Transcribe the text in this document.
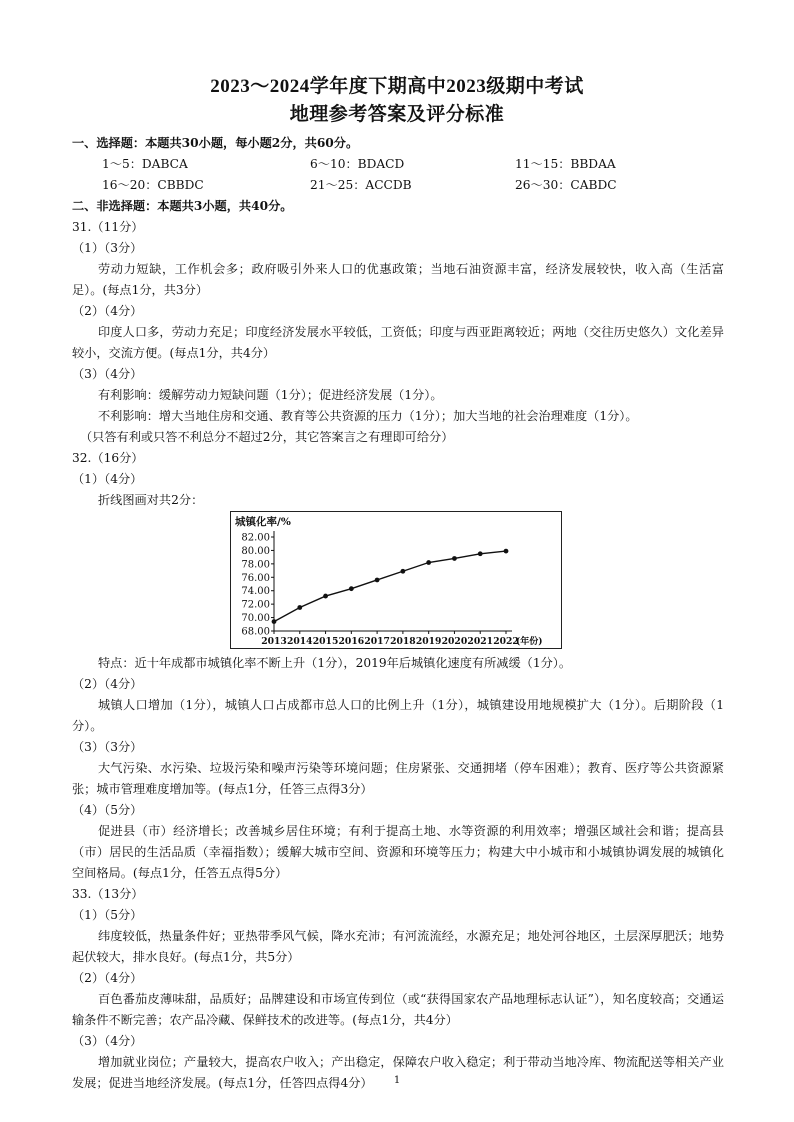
2023～2024学年度下期高中2023级期中考试
地理参考答案及评分标准
一、选择题：本题共30小题，每小题2分，共60分。
1～5：DABCA	6～10：BDACD	11～15：BBDAA
16～20：CBBDC	21～25：ACCDB	26～30：CABDC
二、非选择题：本题共3小题，共40分。
31.（11分）
（1）（3分）
劳动力短缺，工作机会多；政府吸引外来人口的优惠政策；当地石油资源丰富，经济发展较快，收入高（生活富足）。(每点1分，共3分）
（2）（4分）
印度人口多，劳动力充足；印度经济发展水平较低，工资低；印度与西亚距离较近；两地（交往历史悠久）文化差异较小，交流方便。(每点1分，共4分）
（3）（4分）
有利影响：缓解劳动力短缺问题（1分）；促进经济发展（1分）。
不利影响：增大当地住房和交通、教育等公共资源的压力（1分）；加大当地的社会治理难度（1分）。
（只答有利或只答不利总分不超过2分，其它答案言之有理即可给分）
32.（16分）
（1）（4分）
折线图画对共2分：
城镇化率/%
82.00
80.00
78.00
76.00
74.00
72.00
70.00
68.00
2013 2014 2015 2016 2017 2018 2019 2020 2021 2022
(年份)
特点：近十年成都市城镇化率不断上升（1分），2019年后城镇化速度有所减缓（1分）。
（2）（4分）
城镇人口增加（1分），城镇人口占成都市总人口的比例上升（1分），城镇建设用地规模扩大（1分）。后期阶段（1分）。
（3）（3分）
大气污染、水污染、垃圾污染和噪声污染等环境问题；住房紧张、交通拥堵（停车困难）；教育、医疗等公共资源紧张；城市管理难度增加等。(每点1分，任答三点得3分）
（4）（5分）
促进县（市）经济增长；改善城乡居住环境；有利于提高土地、水等资源的利用效率；增强区域社会和谐；提高县（市）居民的生活品质（幸福指数）；缓解大城市空间、资源和环境等压力；构建大中小城市和小城镇协调发展的城镇化空间格局。(每点1分，任答五点得5分）
33.（13分）
（1）（5分）
纬度较低，热量条件好；亚热带季风气候，降水充沛；有河流流经，水源充足；地处河谷地区，土层深厚肥沃；地势起伏较大，排水良好。(每点1分，共5分）
（2）（4分）
百色番茄皮薄味甜，品质好；品牌建设和市场宣传到位（或“获得国家农产品地理标志认证”），知名度较高；交通运输条件不断完善；农产品冷藏、保鲜技术的改进等。(每点1分，共4分）
（3）（4分）
增加就业岗位；产量较大，提高农户收入；产出稳定，保障农户收入稳定；利于带动当地冷库、物流配送等相关产业发展；促进当地经济发展。(每点1分，任答四点得4分）	1
